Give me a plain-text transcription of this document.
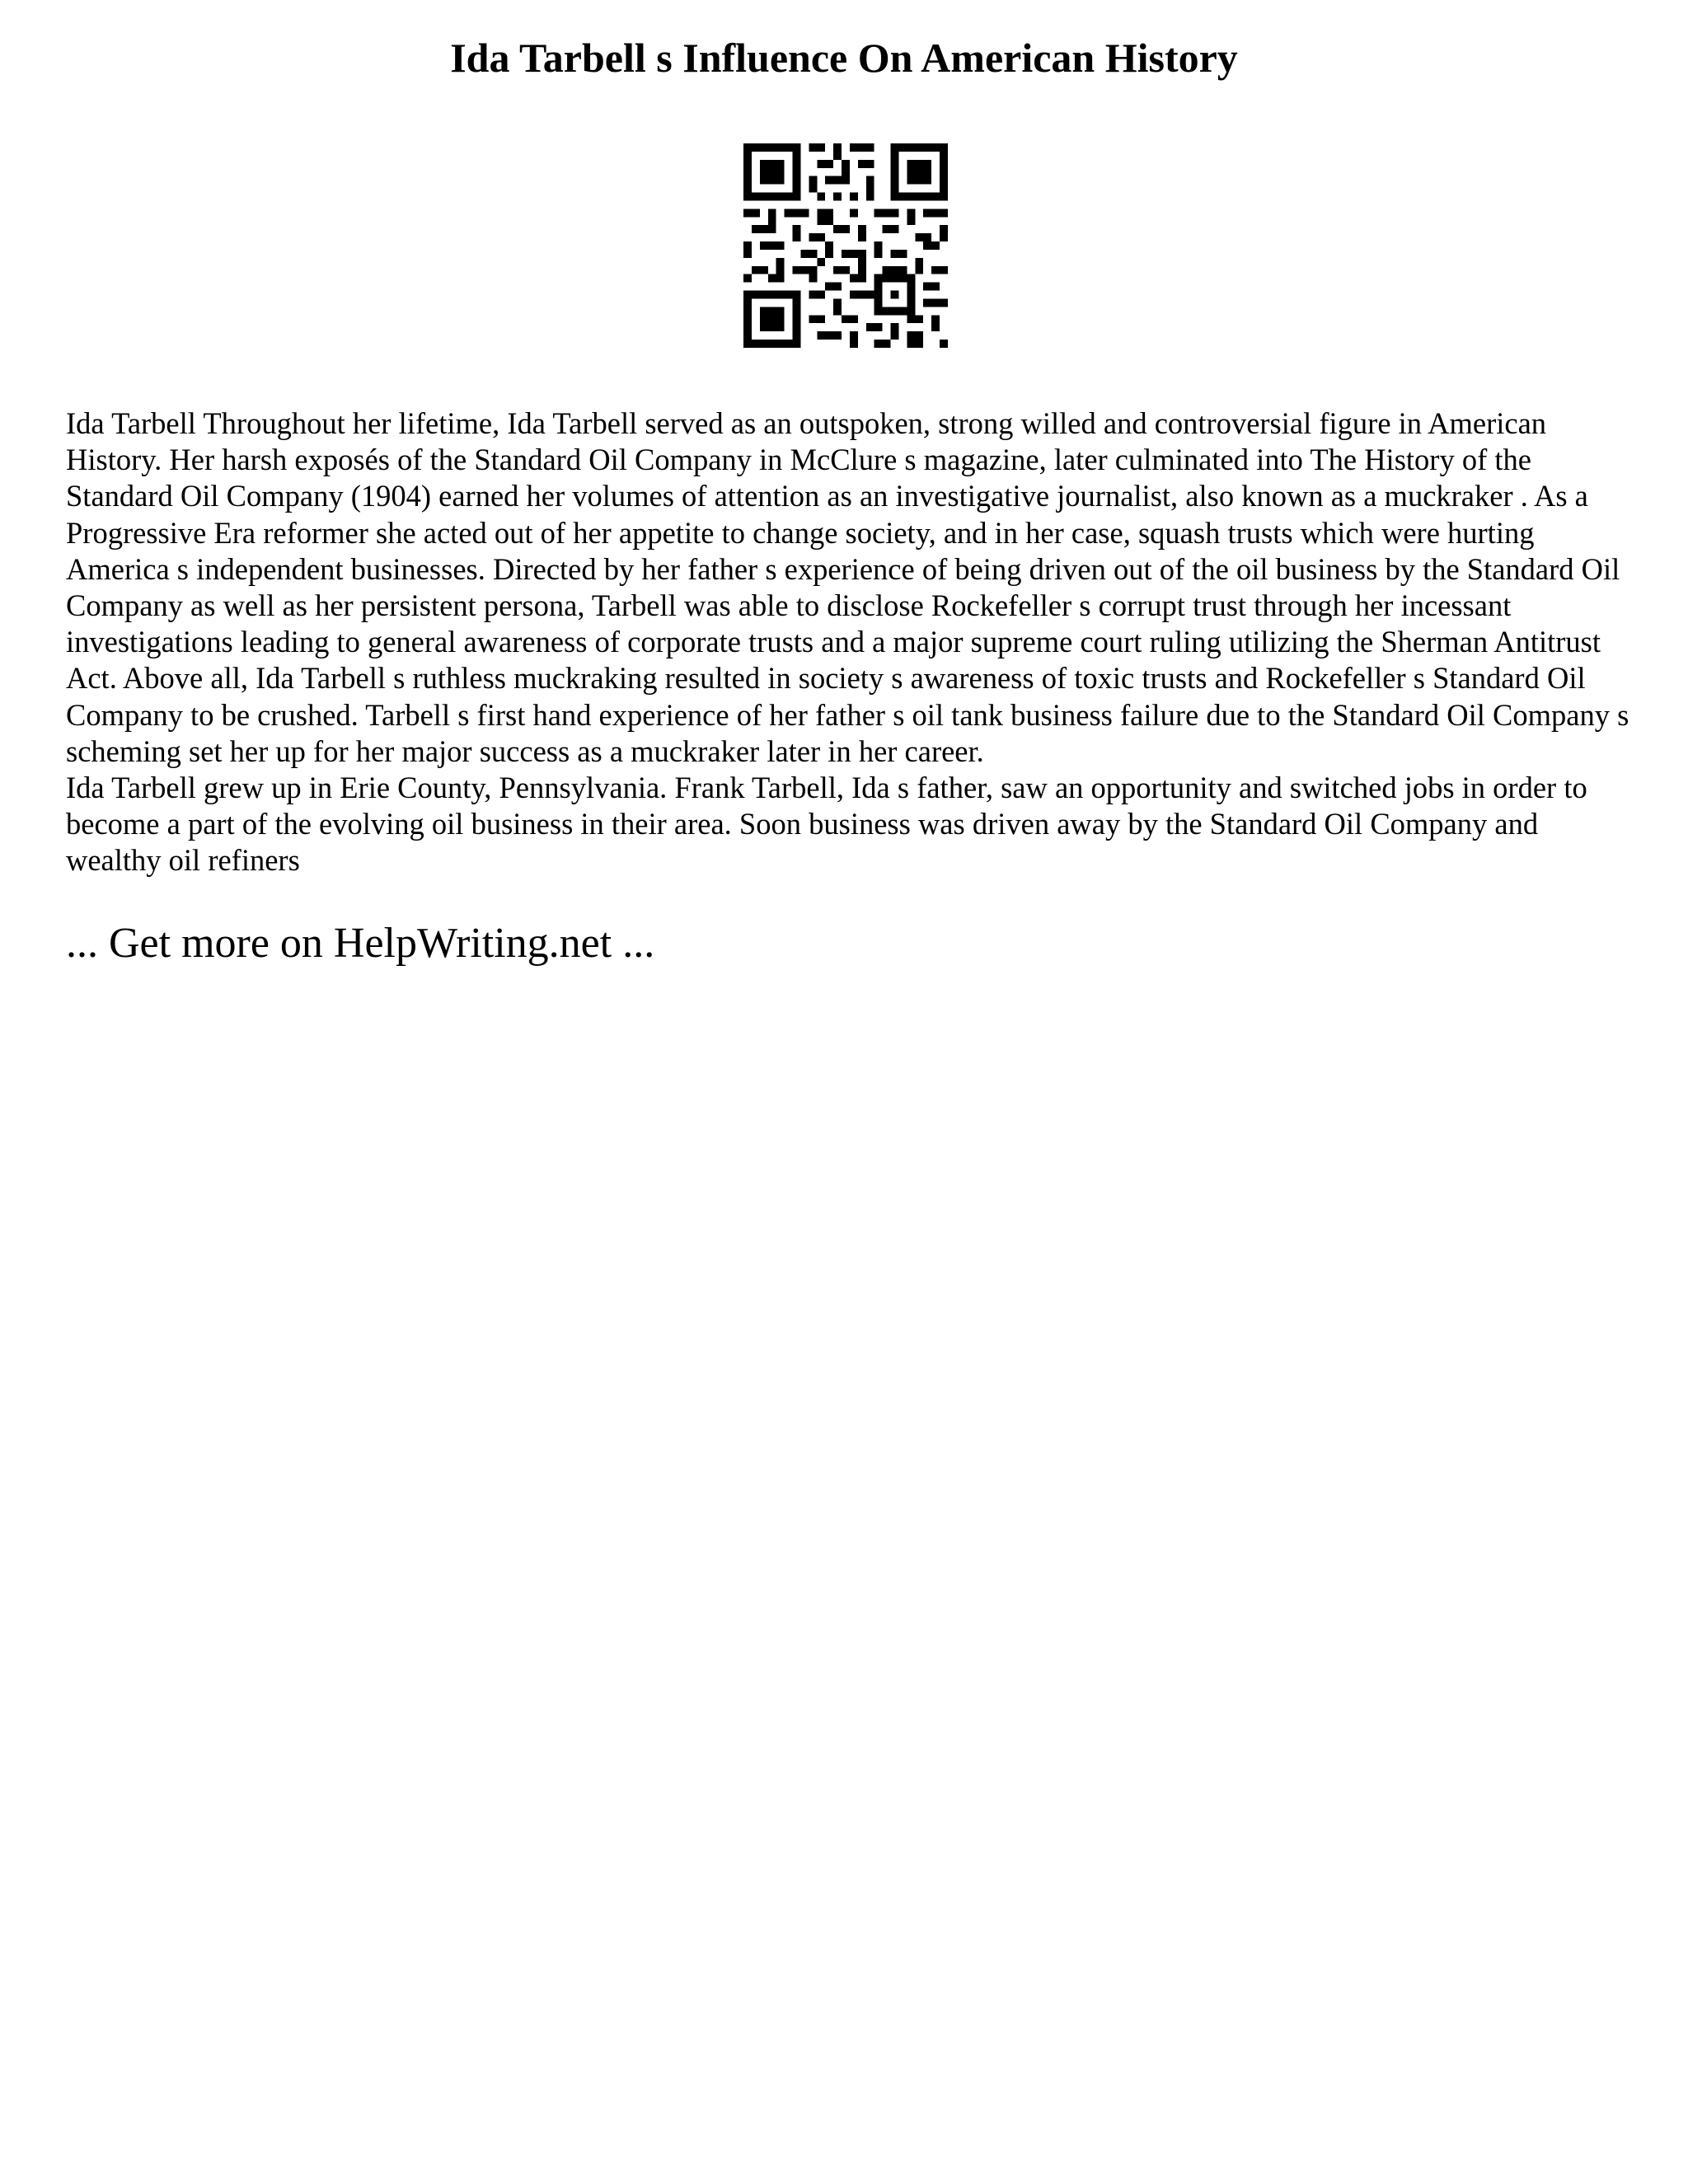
Ida Tarbell s Influence On American History

Ida Tarbell Throughout her lifetime, Ida Tarbell served as an outspoken, strong willed and controversial figure in American History. Her harsh exposés of the Standard Oil Company in McClure s magazine, later culminated into The History of the Standard Oil Company (1904) earned her volumes of attention as an investigative journalist, also known as a muckraker . As a Progressive Era reformer she acted out of her appetite to change society, and in her case, squash trusts which were hurting America s independent businesses. Directed by her father s experience of being driven out of the oil business by the Standard Oil Company as well as her persistent persona, Tarbell was able to disclose Rockefeller s corrupt trust through her incessant investigations leading to general awareness of corporate trusts and a major supreme court ruling utilizing the Sherman Antitrust Act. Above all, Ida Tarbell s ruthless muckraking resulted in society s awareness of toxic trusts and Rockefeller s Standard Oil Company to be crushed. Tarbell s first hand experience of her father s oil tank business failure due to the Standard Oil Company s scheming set her up for her major success as a muckraker later in her career.

Ida Tarbell grew up in Erie County, Pennsylvania. Frank Tarbell, Ida s father, saw an opportunity and switched jobs in order to become a part of the evolving oil business in their area. Soon business was driven away by the Standard Oil Company and wealthy oil refiners

... Get more on HelpWriting.net ...
